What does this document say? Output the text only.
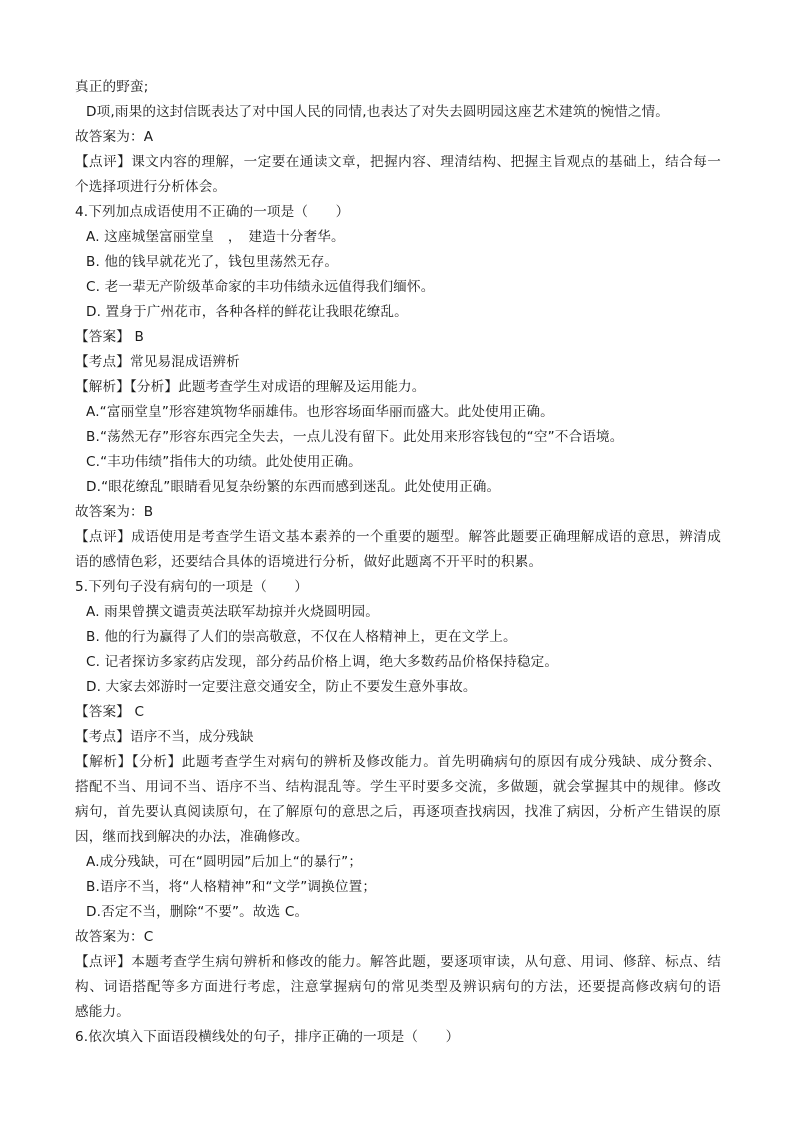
真正的野蛮;
D项,雨果的这封信既表达了对中国人民的同情,也表达了对失去圆明园这座艺术建筑的惋惜之情。
故答案为：A
【点评】课文内容的理解，一定要在通读文章，把握内容、理清结构、把握主旨观点的基础上，结合每一
个选择项进行分析体会。
4.下列加点成语使用不正确的一项是（　　）
A. 这座城堡富丽堂皇　，　建造十分奢华。
B. 他的钱早就花光了，钱包里荡然无存。
C. 老一辈无产阶级革命家的丰功伟绩永远值得我们缅怀。
D. 置身于广州花市，各种各样的鲜花让我眼花缭乱。
【答案】 B
【考点】常见易混成语辨析
【解析】【分析】此题考查学生对成语的理解及运用能力。
A.“富丽堂皇”形容建筑物华丽雄伟。也形容场面华丽而盛大。此处使用正确。
B.“荡然无存”形容东西完全失去，一点儿没有留下。此处用来形容钱包的“空”不合语境。
C.“丰功伟绩”指伟大的功绩。此处使用正确。
D.“眼花缭乱”眼睛看见复杂纷繁的东西而感到迷乱。此处使用正确。
故答案为：B
【点评】成语使用是考查学生语文基本素养的一个重要的题型。解答此题要正确理解成语的意思，辨清成
语的感情色彩，还要结合具体的语境进行分析，做好此题离不开平时的积累。
5.下列句子没有病句的一项是（　　）
A. 雨果曾撰文谴责英法联军劫掠并火烧圆明园。
B. 他的行为赢得了人们的崇高敬意，不仅在人格精神上，更在文学上。
C. 记者探访多家药店发现，部分药品价格上调，绝大多数药品价格保持稳定。
D. 大家去郊游时一定要注意交通安全，防止不要发生意外事故。
【答案】 C
【考点】语序不当，成分残缺
【解析】【分析】此题考查学生对病句的辨析及修改能力。首先明确病句的原因有成分残缺、成分赘余、
搭配不当、用词不当、语序不当、结构混乱等。学生平时要多交流，多做题，就会掌握其中的规律。修改
病句，首先要认真阅读原句，在了解原句的意思之后，再逐项查找病因，找准了病因，分析产生错误的原
因，继而找到解决的办法，准确修改。
A.成分残缺，可在“圆明园”后加上“的暴行”；
B.语序不当，将“人格精神”和“文学”调换位置；
D.否定不当，删除“不要”。故选 C。
故答案为：C
【点评】本题考查学生病句辨析和修改的能力。解答此题，要逐项审读，从句意、用词、修辞、标点、结
构、词语搭配等多方面进行考虑，注意掌握病句的常见类型及辨识病句的方法，还要提高修改病句的语
感能力。
6.依次填入下面语段横线处的句子，排序正确的一项是（　　）
